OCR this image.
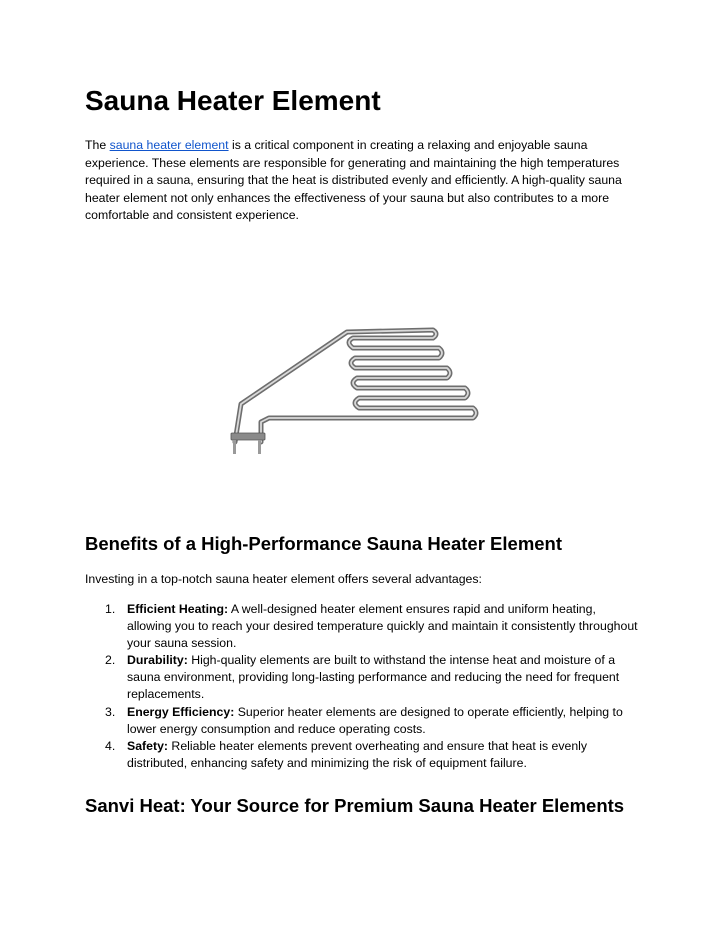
Sauna Heater Element

The sauna heater element is a critical component in creating a relaxing and enjoyable sauna experience. These elements are responsible for generating and maintaining the high temperatures required in a sauna, ensuring that the heat is distributed evenly and efficiently. A high-quality sauna heater element not only enhances the effectiveness of your sauna but also contributes to a more comfortable and consistent experience.

Benefits of a High-Performance Sauna Heater Element

Investing in a top-notch sauna heater element offers several advantages:

1. Efficient Heating: A well-designed heater element ensures rapid and uniform heating, allowing you to reach your desired temperature quickly and maintain it consistently throughout your sauna session.
2. Durability: High-quality elements are built to withstand the intense heat and moisture of a sauna environment, providing long-lasting performance and reducing the need for frequent replacements.
3. Energy Efficiency: Superior heater elements are designed to operate efficiently, helping to lower energy consumption and reduce operating costs.
4. Safety: Reliable heater elements prevent overheating and ensure that heat is evenly distributed, enhancing safety and minimizing the risk of equipment failure.
Sanvi Heat: Your Source for Premium Sauna Heater Elements
